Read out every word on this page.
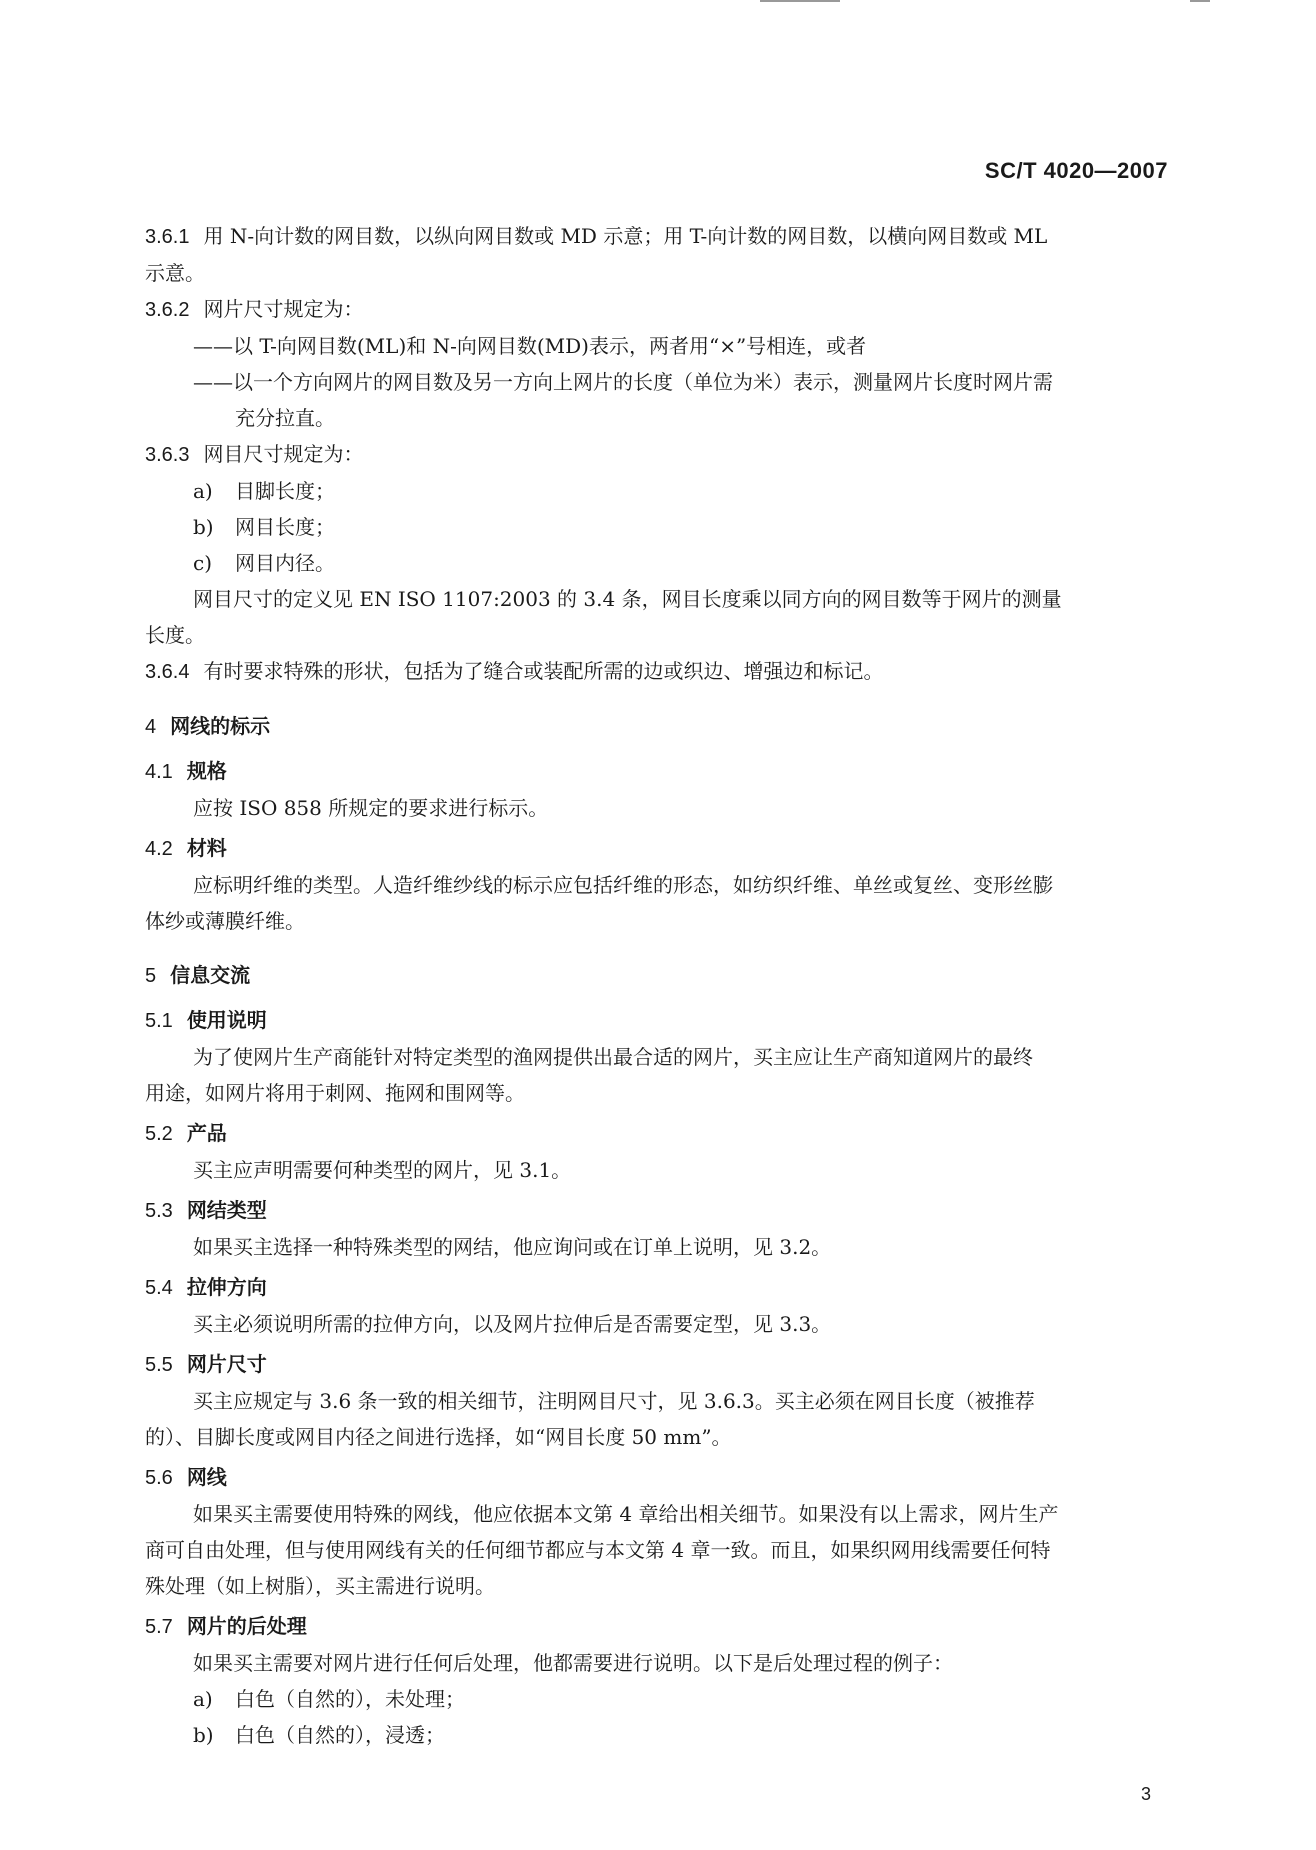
SC/T 4020—2007
3.6.1 用 N-向计数的网目数，以纵向网目数或 MD 示意；用 T-向计数的网目数，以横向网目数或 ML
示意。
3.6.2 网片尺寸规定为：
——以 T-向网目数(ML)和 N-向网目数(MD)表示，两者用“×”号相连，或者
——以一个方向网片的网目数及另一方向上网片的长度（单位为米）表示，测量网片长度时网片需
充分拉直。
3.6.3 网目尺寸规定为：
a) 目脚长度；
b) 网目长度；
c) 网目内径。
网目尺寸的定义见 EN ISO 1107:2003 的 3.4 条，网目长度乘以同方向的网目数等于网片的测量
长度。
3.6.4 有时要求特殊的形状，包括为了缝合或装配所需的边或织边、增强边和标记。
4 网线的标示
4.1 规格
应按 ISO 858 所规定的要求进行标示。
4.2 材料
应标明纤维的类型。人造纤维纱线的标示应包括纤维的形态，如纺织纤维、单丝或复丝、变形丝膨
体纱或薄膜纤维。
5 信息交流
5.1 使用说明
为了使网片生产商能针对特定类型的渔网提供出最合适的网片，买主应让生产商知道网片的最终
用途，如网片将用于刺网、拖网和围网等。
5.2 产品
买主应声明需要何种类型的网片，见 3.1。
5.3 网结类型
如果买主选择一种特殊类型的网结，他应询问或在订单上说明，见 3.2。
5.4 拉伸方向
买主必须说明所需的拉伸方向，以及网片拉伸后是否需要定型，见 3.3。
5.5 网片尺寸
买主应规定与 3.6 条一致的相关细节，注明网目尺寸，见 3.6.3。买主必须在网目长度（被推荐
的）、目脚长度或网目内径之间进行选择，如“网目长度 50 mm”。
5.6 网线
如果买主需要使用特殊的网线，他应依据本文第 4 章给出相关细节。如果没有以上需求，网片生产
商可自由处理，但与使用网线有关的任何细节都应与本文第 4 章一致。而且，如果织网用线需要任何特
殊处理（如上树脂），买主需进行说明。
5.7 网片的后处理
如果买主需要对网片进行任何后处理，他都需要进行说明。以下是后处理过程的例子：
a) 白色（自然的），未处理；
b) 白色（自然的），浸透；
3
